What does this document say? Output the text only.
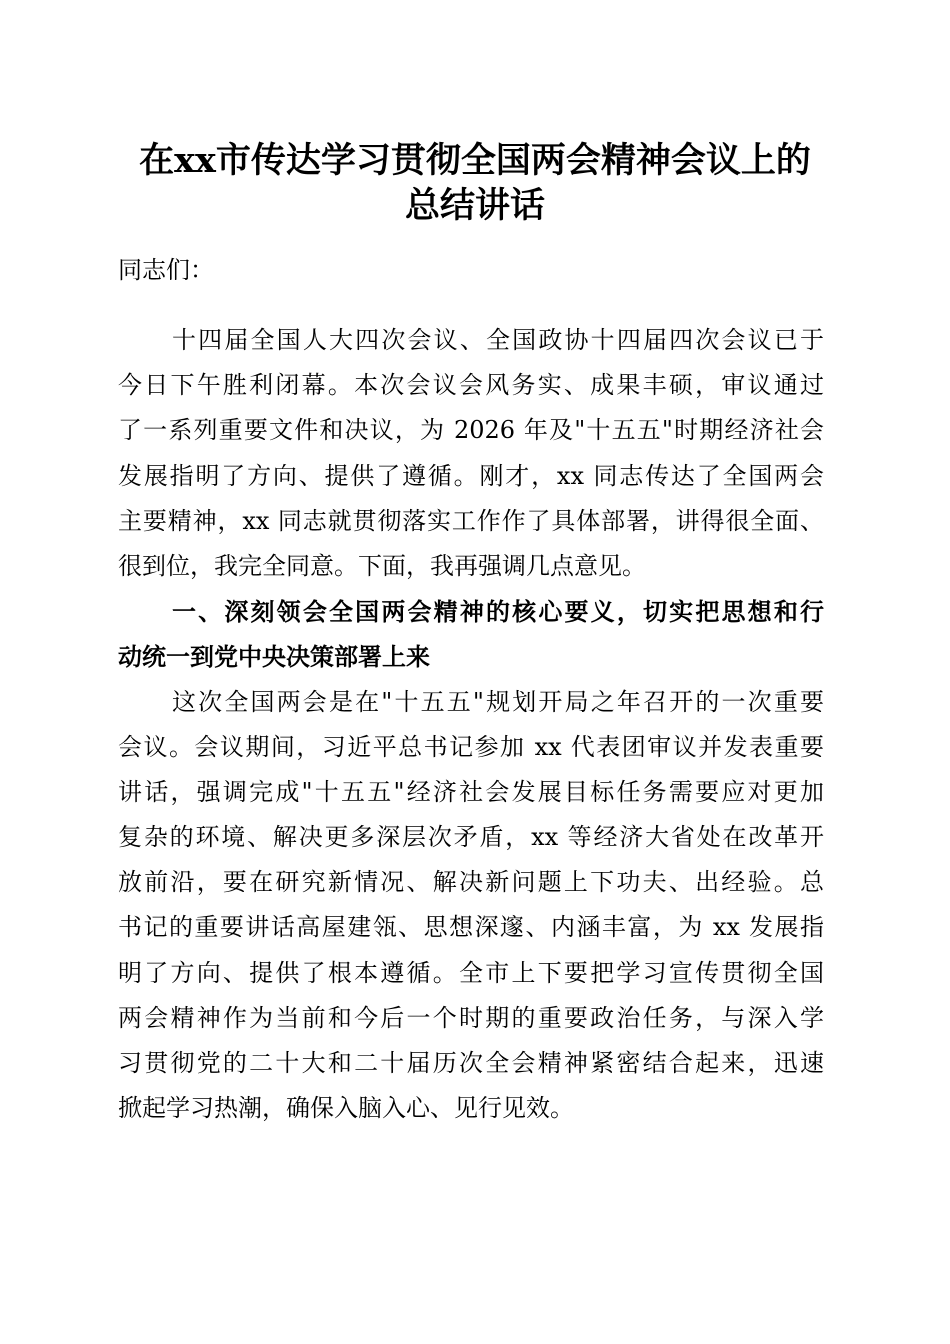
在xx市传达学习贯彻全国两会精神会议上的
总结讲话
同志们：
十四届全国人大四次会议、全国政协十四届四次会议已于
今日下午胜利闭幕。本次会议会风务实、成果丰硕，审议通过
了一系列重要文件和决议，为 2026 年及"十五五"时期经济社会
发展指明了方向、提供了遵循。刚才，xx 同志传达了全国两会
主要精神，xx 同志就贯彻落实工作作了具体部署，讲得很全面、
很到位，我完全同意。下面，我再强调几点意见。
一、深刻领会全国两会精神的核心要义，切实把思想和行
动统一到党中央决策部署上来
这次全国两会是在"十五五"规划开局之年召开的一次重要
会议。会议期间，习近平总书记参加 xx 代表团审议并发表重要
讲话，强调完成"十五五"经济社会发展目标任务需要应对更加
复杂的环境、解决更多深层次矛盾，xx 等经济大省处在改革开
放前沿，要在研究新情况、解决新问题上下功夫、出经验。总
书记的重要讲话高屋建瓴、思想深邃、内涵丰富，为 xx 发展指
明了方向、提供了根本遵循。全市上下要把学习宣传贯彻全国
两会精神作为当前和今后一个时期的重要政治任务，与深入学
习贯彻党的二十大和二十届历次全会精神紧密结合起来，迅速
掀起学习热潮，确保入脑入心、见行见效。
